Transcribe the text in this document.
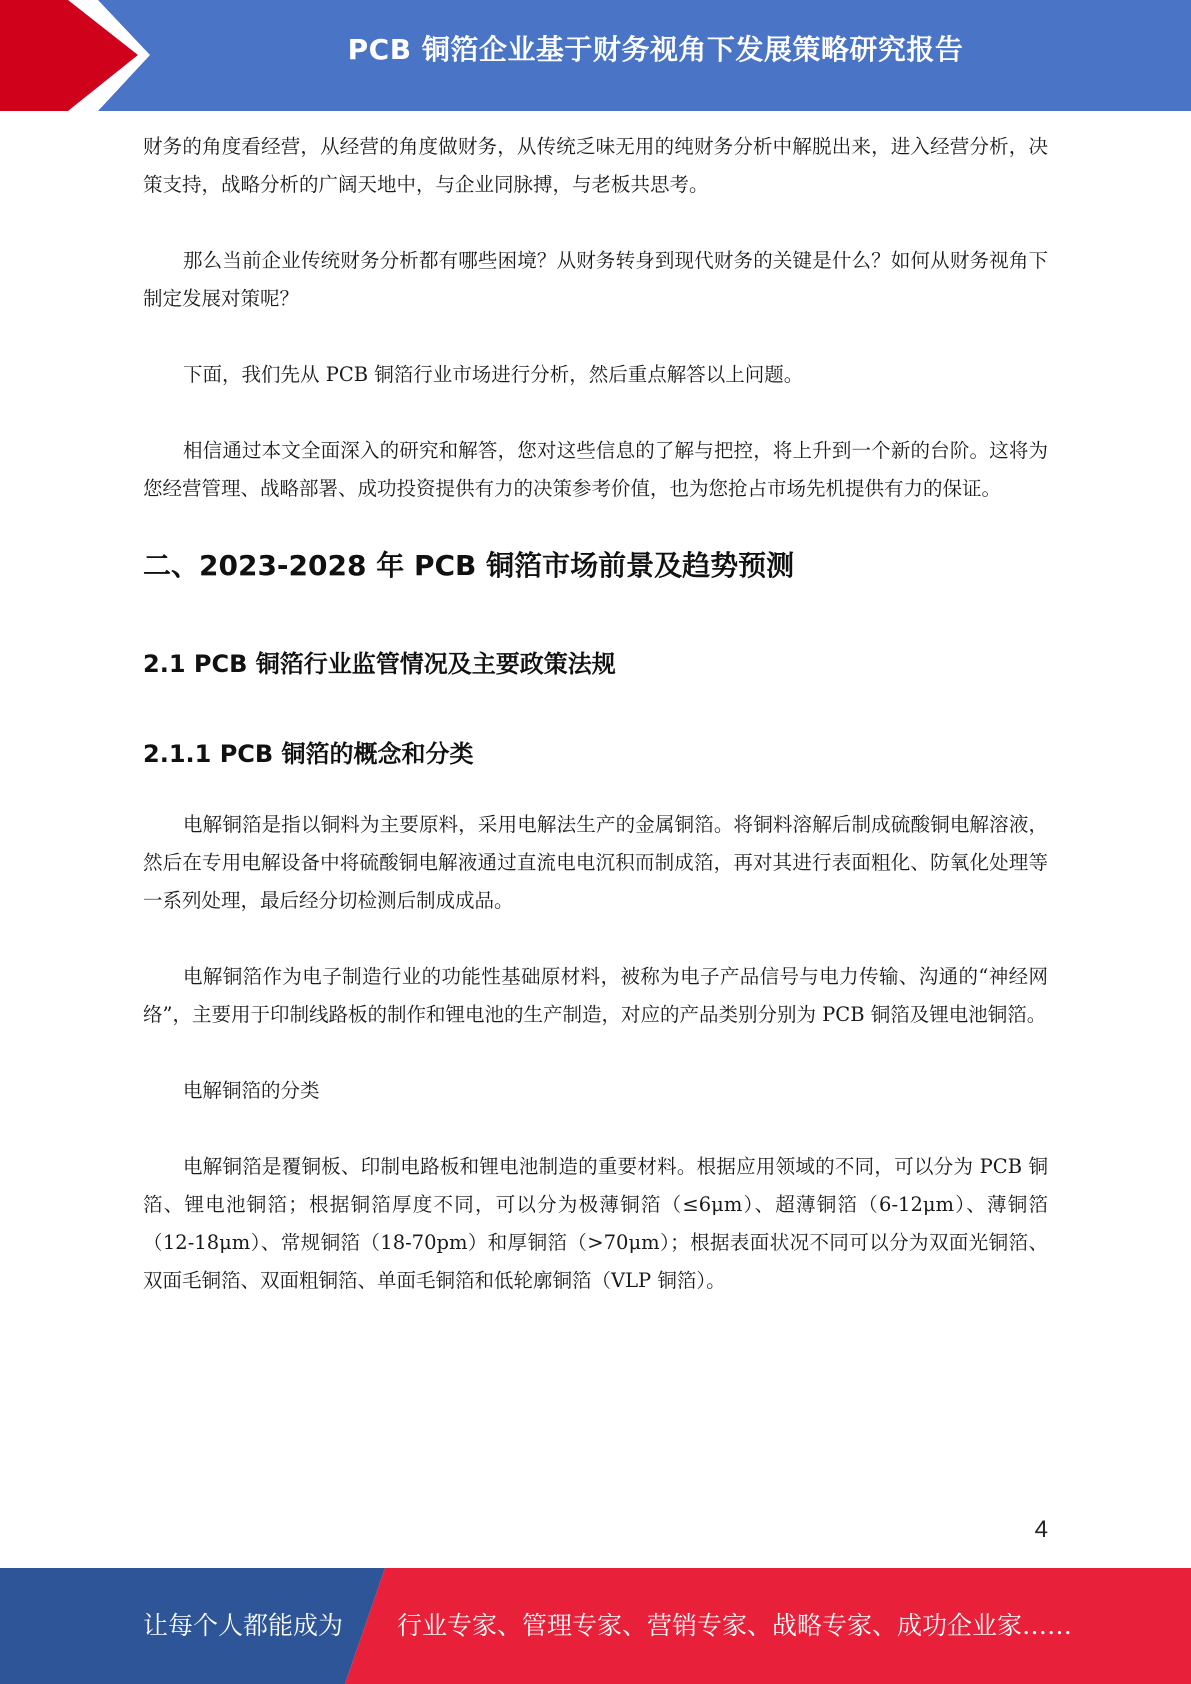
PCB 铜箔企业基于财务视角下发展策略研究报告

财务的角度看经营，从经营的角度做财务，从传统乏味无用的纯财务分析中解脱出来，进入经营分析，决策支持，战略分析的广阔天地中，与企业同脉搏，与老板共思考。

那么当前企业传统财务分析都有哪些困境？从财务转身到现代财务的关键是什么？如何从财务视角下制定发展对策呢？

下面，我们先从 PCB 铜箔行业市场进行分析，然后重点解答以上问题。

相信通过本文全面深入的研究和解答，您对这些信息的了解与把控，将上升到一个新的台阶。这将为您经营管理、战略部署、成功投资提供有力的决策参考价值，也为您抢占市场先机提供有力的保证。

二、2023-2028 年 PCB 铜箔市场前景及趋势预测
2.1 PCB 铜箔行业监管情况及主要政策法规
2.1.1 PCB 铜箔的概念和分类

电解铜箔是指以铜料为主要原料，采用电解法生产的金属铜箔。将铜料溶解后制成硫酸铜电解溶液，然后在专用电解设备中将硫酸铜电解液通过直流电电沉积而制成箔，再对其进行表面粗化、防氧化处理等一系列处理，最后经分切检测后制成成品。

电解铜箔作为电子制造行业的功能性基础原材料，被称为电子产品信号与电力传输、沟通的“神经网络”，主要用于印制线路板的制作和锂电池的生产制造，对应的产品类别分别为 PCB 铜箔及锂电池铜箔。

电解铜箔的分类

电解铜箔是覆铜板、印制电路板和锂电池制造的重要材料。根据应用领域的不同，可以分为 PCB 铜箔、锂电池铜箔；根据铜箔厚度不同，可以分为极薄铜箔（≤6μm）、超薄铜箔（6-12μm）、薄铜箔（12-18μm）、常规铜箔（18-70pm）和厚铜箔（>70μm）；根据表面状况不同可以分为双面光铜箔、双面毛铜箔、双面粗铜箔、单面毛铜箔和低轮廓铜箔（VLP 铜箔）。

4
让每个人都能成为 行业专家、管理专家、营销专家、战略专家、成功企业家……
